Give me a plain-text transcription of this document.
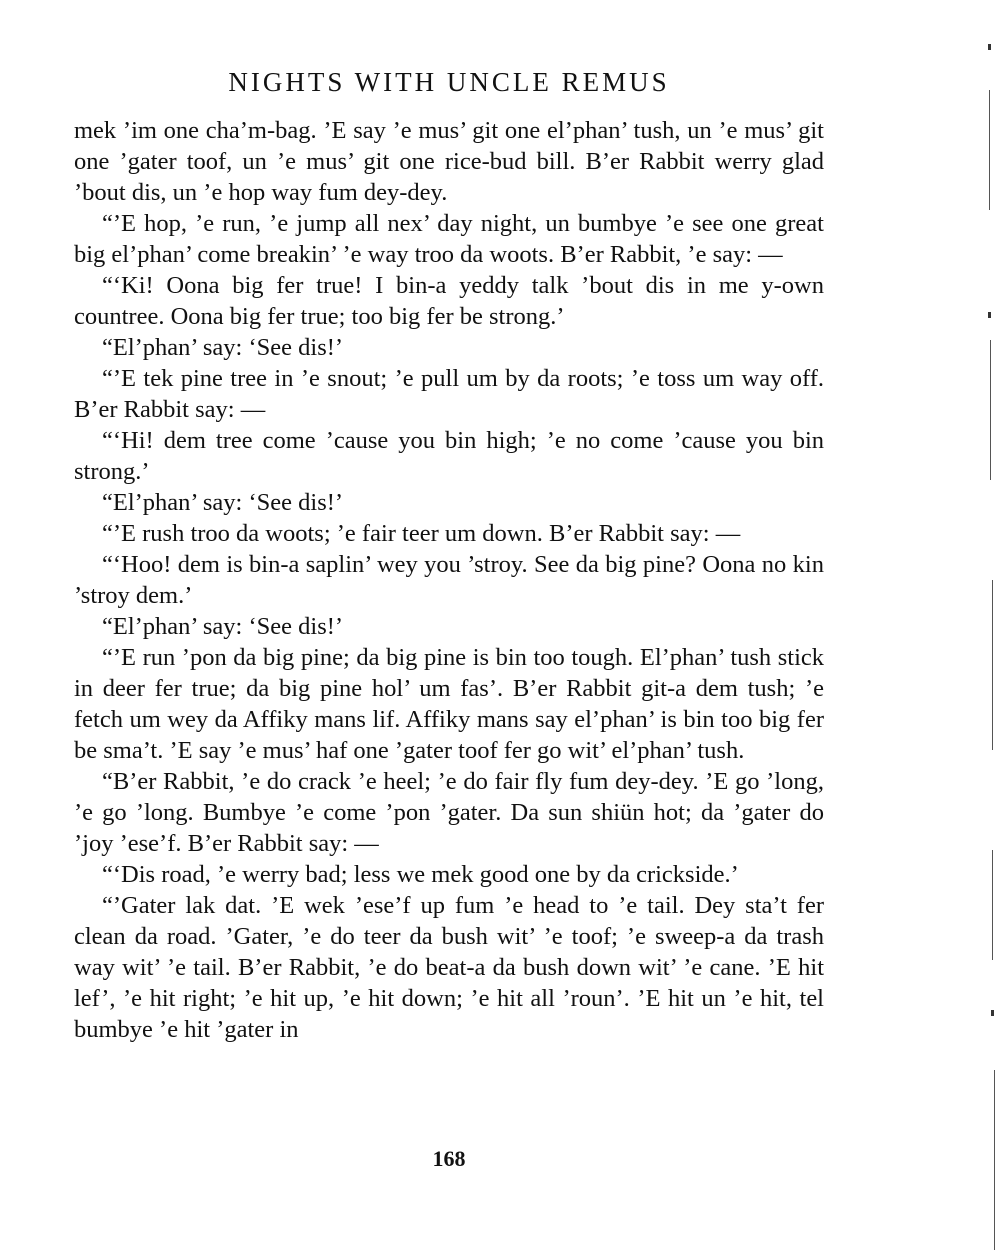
NIGHTS WITH UNCLE REMUS

mek ’im one cha’m-bag. ’E say ’e mus’ git one el’phan’ tush, un ’e mus’ git one ’gater toof, un ’e mus’ git one rice-bud bill. B’er Rabbit werry glad ’bout dis, un ’e hop way fum dey-dey.

“’E hop, ’e run, ’e jump all nex’ day night, un bumbye ’e see one great big el’phan’ come breakin’ ’e way troo da woots. B’er Rabbit, ’e say: —

“‘Ki! Oona big fer true! I bin-a yeddy talk ’bout dis in me y-own countree. Oona big fer true; too big fer be strong.’

“El’phan’ say: ‘See dis!’

“’E tek pine tree in ’e snout; ’e pull um by da roots; ’e toss um way off. B’er Rabbit say: —

“‘Hi! dem tree come ’cause you bin high; ’e no come ’cause you bin strong.’

“El’phan’ say: ‘See dis!’

“’E rush troo da woots; ’e fair teer um down. B’er Rabbit say: —

“‘Hoo! dem is bin-a saplin’ wey you ’stroy. See da big pine? Oona no kin ’stroy dem.’

“El’phan’ say: ‘See dis!’

“’E run ’pon da big pine; da big pine is bin too tough. El’phan’ tush stick in deer fer true; da big pine hol’ um fas’. B’er Rabbit git-a dem tush; ’e fetch um wey da Affiky mans lif. Affiky mans say el’phan’ is bin too big fer be sma’t. ’E say ’e mus’ haf one ’gater toof fer go wit’ el’phan’ tush.

“B’er Rabbit, ’e do crack ’e heel; ’e do fair fly fum dey-dey. ’E go ’long, ’e go ’long. Bumbye ’e come ’pon ’gater. Da sun shiün hot; da ’gater do ’joy ’ese’f. B’er Rabbit say: —

“‘Dis road, ’e werry bad; less we mek good one by da crickside.’

“’Gater lak dat. ’E wek ’ese’f up fum ’e head to ’e tail. Dey sta’t fer clean da road. ’Gater, ’e do teer da bush wit’ ’e toof; ’e sweep-a da trash way wit’ ’e tail. B’er Rabbit, ’e do beat-a da bush down wit’ ’e cane. ’E hit lef’, ’e hit right; ’e hit up, ’e hit down; ’e hit all ’roun’. ’E hit un ’e hit, tel bumbye ’e hit ’gater in

168
